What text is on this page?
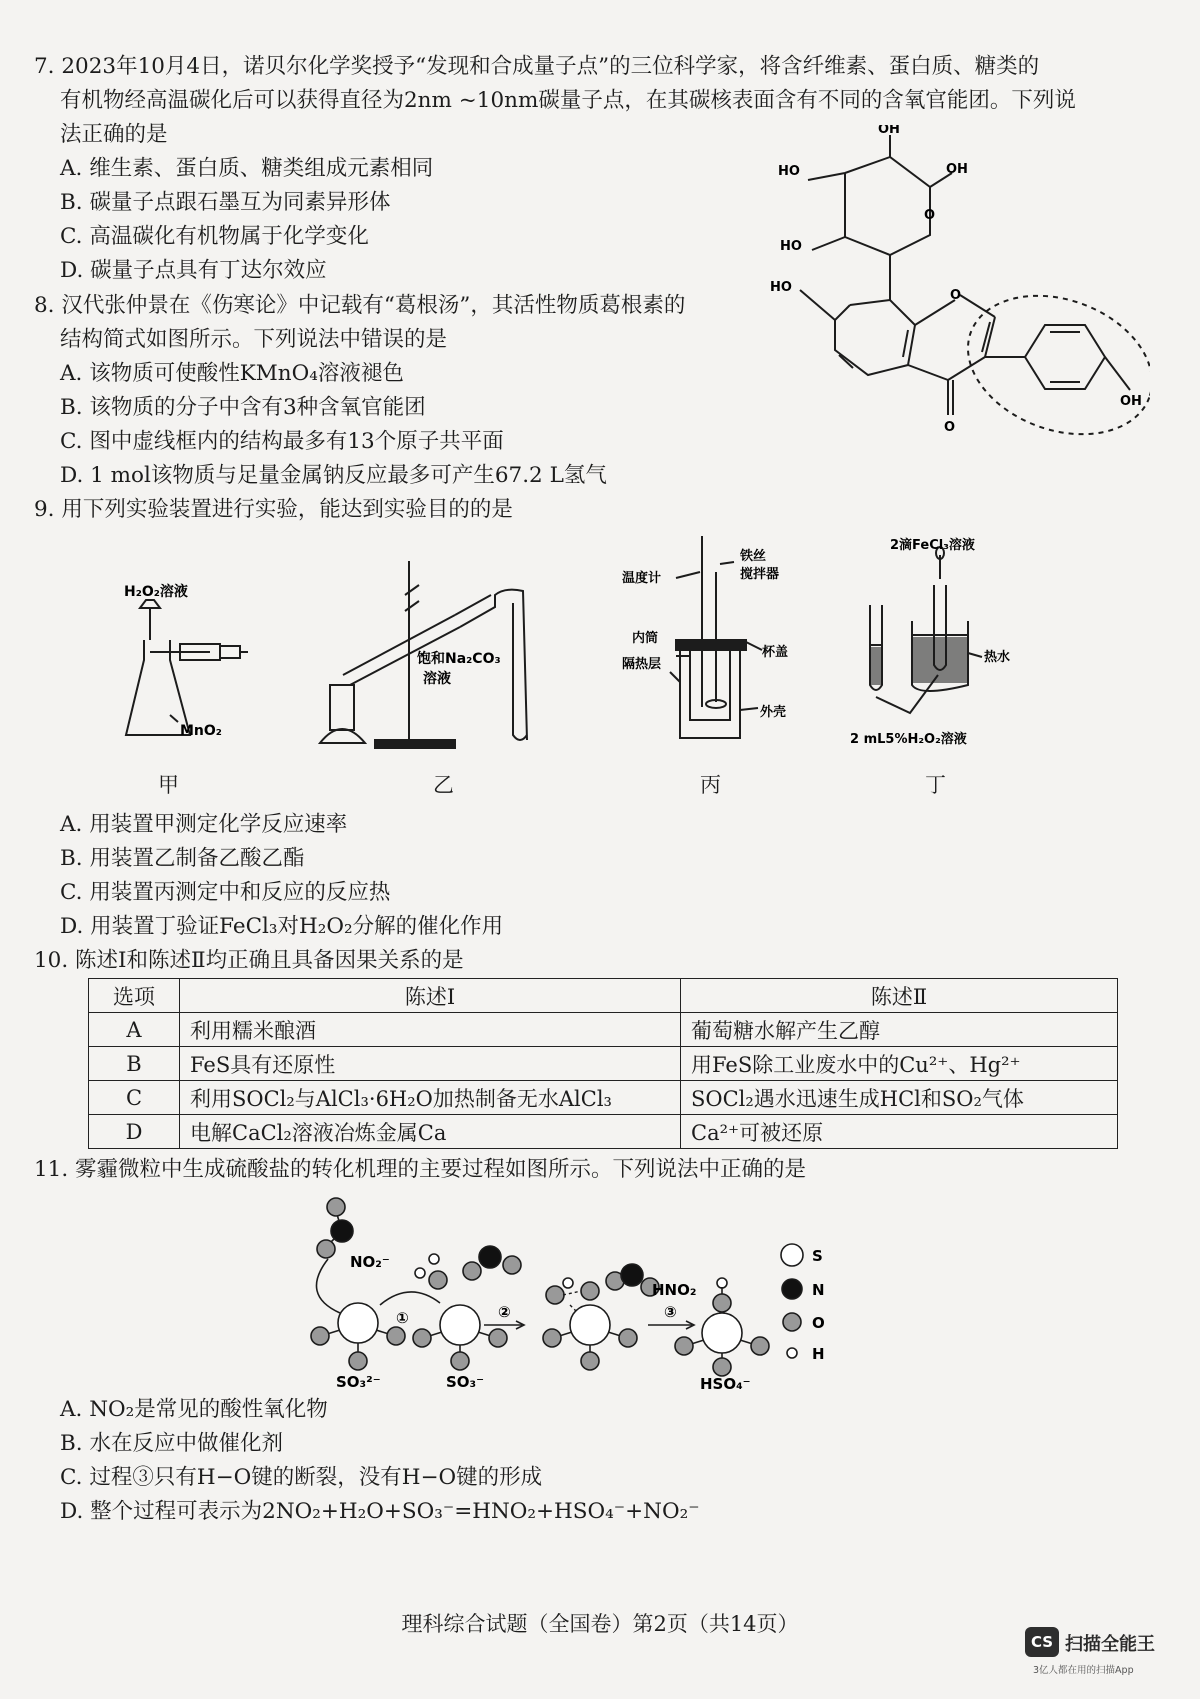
7. 2023年10月4日，诺贝尔化学奖授予“发现和合成量子点”的三位科学家，将含纤维素、蛋白质、糖类的
有机物经高温碳化后可以获得直径为2nm ~10nm碳量子点，在其碳核表面含有不同的含氧官能团。下列说
法正确的是
A. 维生素、蛋白质、糖类组成元素相同
B. 碳量子点跟石墨互为同素异形体
C. 高温碳化有机物属于化学变化
D. 碳量子点具有丁达尔效应
OH
HO	OH
HO
HO
O
O
O
OH
8. 汉代张仲景在《伤寒论》中记载有“葛根汤”，其活性物质葛根素的
结构简式如图所示。下列说法中错误的是
A. 该物质可使酸性KMnO₄溶液褪色
B. 该物质的分子中含有3种含氧官能团
C. 图中虚线框内的结构最多有13个原子共平面
D. 1 mol该物质与足量金属钠反应最多可产生67.2 L氢气
9. 用下列实验装置进行实验，能达到实验目的的是
H₂O₂溶液
MnO₂
饱和Na₂CO₃
溶液
温度计
铁丝
搅拌器
内筒
杯盖
隔热层
外壳
2滴FeCl₃溶液
热水
2 mL5%H₂O₂溶液
甲	乙	丙	丁
A. 用装置甲测定化学反应速率
B. 用装置乙制备乙酸乙酯
C. 用装置丙测定中和反应的反应热
D. 用装置丁验证FeCl₃对H₂O₂分解的催化作用
10. 陈述Ⅰ和陈述Ⅱ均正确且具备因果关系的是
选项	陈述Ⅰ	陈述Ⅱ
A	利用糯米酿酒	葡萄糖水解产生乙醇
B	FeS具有还原性	用FeS除工业废水中的Cu²⁺、Hg²⁺
C	利用SOCl₂与AlCl₃·6H₂O加热制备无水AlCl₃	SOCl₂遇水迅速生成HCl和SO₂气体
D	电解CaCl₂溶液冶炼金属Ca	Ca²⁺可被还原
11. 雾霾微粒中生成硫酸盐的转化机理的主要过程如图所示。下列说法中正确的是
NO₂⁻
①	②
HNO₂
③
SO₃²⁻	SO₃⁻	HSO₄⁻
S
N
O
H
A. NO₂是常见的酸性氧化物
B. 水在反应中做催化剂
C. 过程③只有H−O键的断裂，没有H−O键的形成
D. 整个过程可表示为2NO₂+H₂O+SO₃⁻=HNO₂+HSO₄⁻+NO₂⁻
理科综合试题（全国卷）第2页（共14页）
CS 扫描全能王
3亿人都在用的扫描App
